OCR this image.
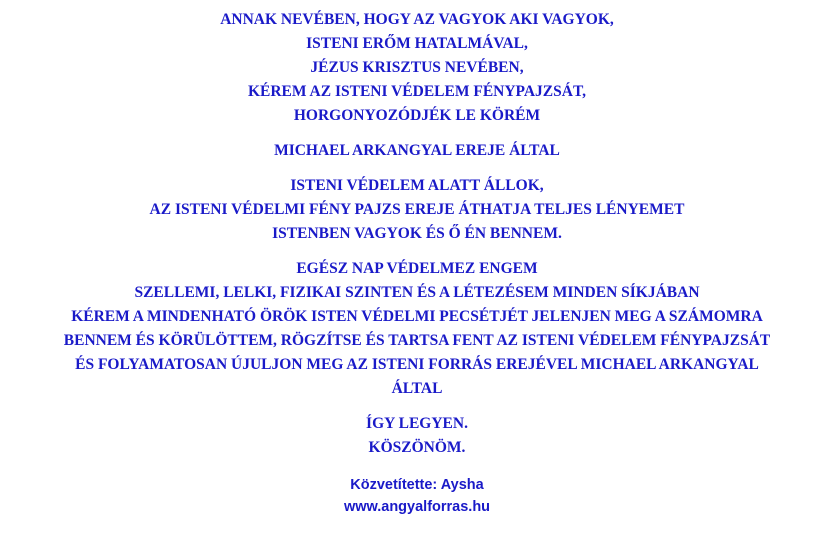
ANNAK NEVÉBEN, HOGY AZ VAGYOK AKI VAGYOK,
ISTENI ERŐM HATALMÁVAL,
JÉZUS KRISZTUS NEVÉBEN,
KÉREM AZ ISTENI VÉDELEM FÉNYPAJZSÁT,
HORGONYOZÓDJÉK LE KÖRÉM
MICHAEL ARKANGYAL EREJE ÁLTAL
ISTENI VÉDELEM ALATT ÁLLOK,
AZ ISTENI VÉDELMI FÉNY PAJZS EREJE ÁTHATJA TELJES LÉNYEMET
ISTENBEN VAGYOK ÉS Ő ÉN BENNEM.
EGÉSZ NAP VÉDELMEZ ENGEM
SZELLEMI, LELKI, FIZIKAI SZINTEN ÉS A LÉTEZÉSEM MINDEN SÍKJÁBAN
KÉREM A MINDENHATÓ ÖRÖK ISTEN VÉDELMI PECSÉTJÉT JELENJEN MEG A SZÁMOMRA
BENNEM ÉS KÖRÜLÖTTEM, RÖGZÍTSE ÉS TARTSA FENT AZ ISTENI VÉDELEM FÉNYPAJZSÁT
ÉS FOLYAMATOSAN ÚJULJON MEG AZ ISTENI FORRÁS EREJÉVEL MICHAEL ARKANGYAL
ÁLTAL
ÍGY LEGYEN.
KÖSZÖNÖM.
Közvetítette: Aysha
www.angyalforras.hu
